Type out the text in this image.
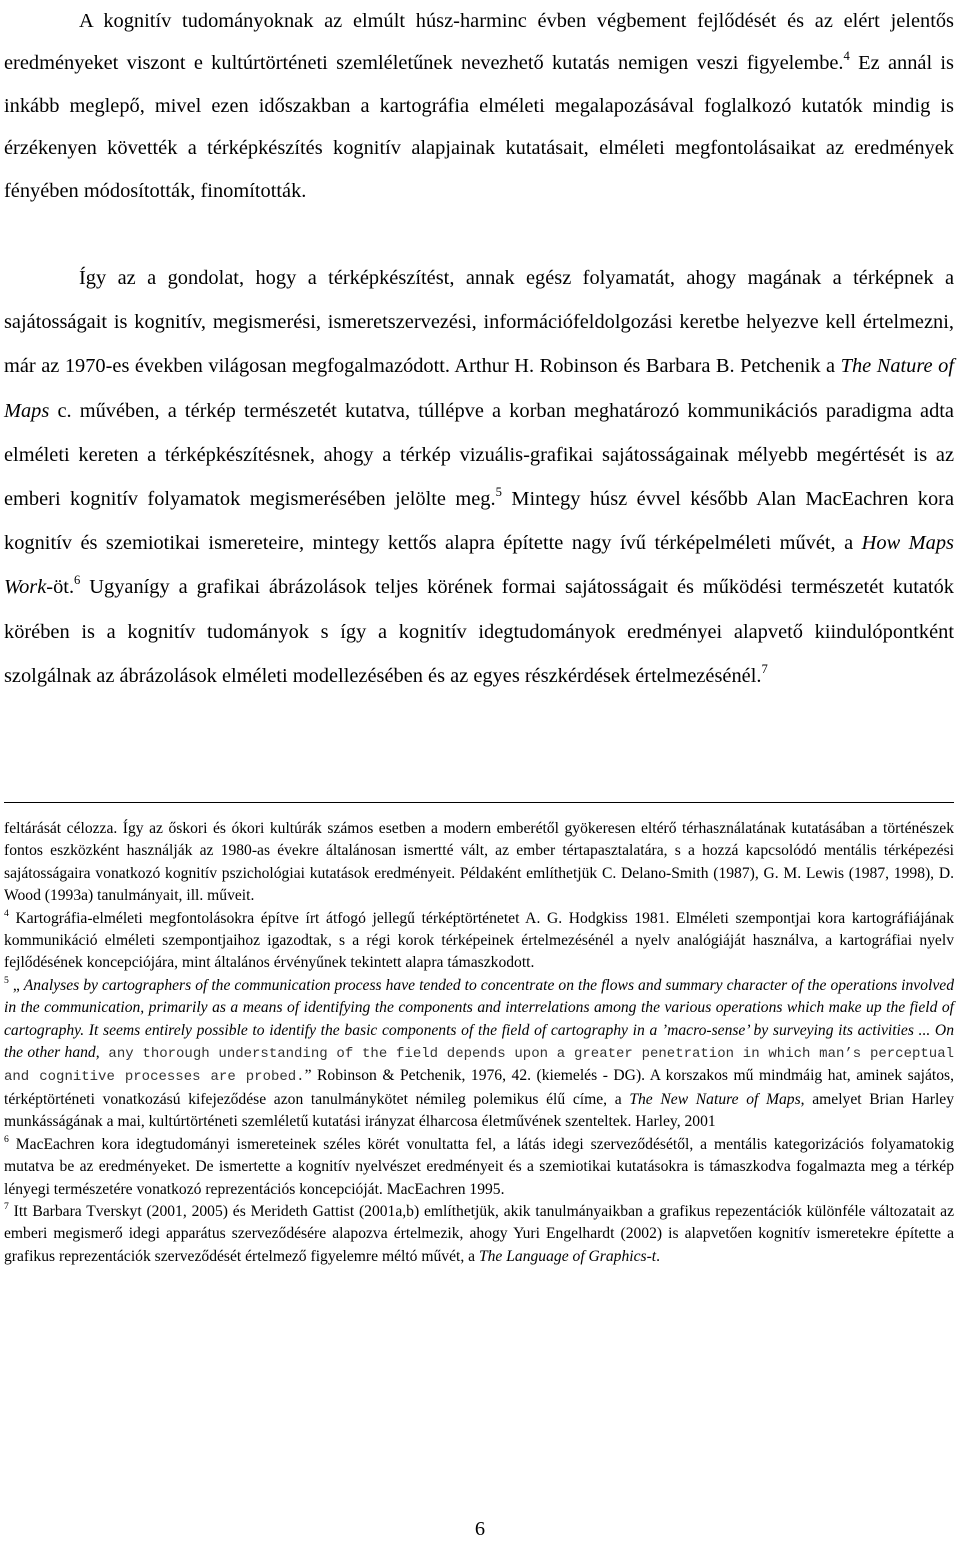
A kognitív tudományoknak az elmúlt húsz-harminc évben végbement fejlődését és az elért jelentős eredményeket viszont e kultúrtörténeti szemléletűnek nevezhető kutatás nemigen veszi figyelembe.$^4$ Ez annál is inkább meglepő, mivel ezen időszakban a kartográfia elméleti megalapozásával foglalkozó kutatók mindig is érzékenyen követték a térképkészítés kognitív alapjainak kutatásait, elméleti megfontolásaikat az eredmények fényében módosították, finomították.

Így az a gondolat, hogy a térképkészítést, annak egész folyamatát, ahogy magának a térképnek a sajátosságait is kognitív, megismerési, ismeretszervezési, információfeldolgozási keretbe helyezve kell értelmezni, már az 1970-es években világosan megfogalmazódott. Arthur H. Robinson és Barbara B. Petchenik a The Nature of Maps c. művében, a térkép természetét kutatva, túllépve a korban meghatározó kommunikációs paradigma adta elméleti kereten a térképkészítésnek, ahogy a térkép vizuális-grafikai sajátosságainak mélyebb megértését is az emberi kognitív folyamatok megismerésében jelölte meg.$^5$ Mintegy húsz évvel később Alan MacEachren kora kognitív és szemiotikai ismereteire, mintegy kettős alapra építette nagy ívű térképelméleti művét, a How Maps Work-öt.$^6$ Ugyanígy a grafikai ábrázolások teljes körének formai sajátosságait és működési természetét kutatók körében is a kognitív tudományok s így a kognitív idegtudományok eredményei alapvető kiindulópontként szolgálnak az ábrázolások elméleti modellezésében és az egyes részkérdések értelmezésénél.$^7$

feltárását célozza. Így az őskori és ókori kultúrák számos esetben a modern emberétől gyökeresen eltérő térhasználatának kutatásában a történészek fontos eszközként használják az 1980-as évekre általánosan ismertté vált, az ember tértapasztalatára, s a hozzá kapcsolódó mentális térképezési sajátosságaira vonatkozó kognitív pszichológiai kutatások eredményeit. Példaként említhetjük C. Delano-Smith (1987), G. M. Lewis (1987, 1998), D. Wood (1993a) tanulmányait, ill. műveit.

$^4$ Kartográfia-elméleti megfontolásokra építve írt átfogó jellegű térképtörténetet A. G. Hodgkiss 1981. Elméleti szempontjai kora kartográfiájának kommunikáció elméleti szempontjaihoz igazodtak, s a régi korok térképeinek értelmezésénél a nyelv analógiáját használva, a kartográfiai nyelv fejlődésének koncepciójára, mint általános érvényűnek tekintett alapra támaszkodott.

$^5$ „ Analyses by cartographers of the communication process have tended to concentrate on the flows and summary character of the operations involved in the communication, primarily as a means of identifying the components and interrelations among the various operations which make up the field of cartography. It seems entirely possible to identify the basic components of the field of cartography in a ’macro-sense’ by surveying its activities ... On the other hand, any thorough understanding of the field depends upon a greater penetration in which man’s perceptual and cognitive processes are probed.” Robinson & Petchenik, 1976, 42. (kiemelés - DG). A korszakos mű mindmáig hat, aminek sajátos, térképtörténeti vonatkozású kifejeződése azon tanulmánykötet némileg polemikus élű címe, a The New Nature of Maps, amelyet Brian Harley munkásságának a mai, kultúrtörténeti szemléletű kutatási irányzat élharcosa életművének szenteltek. Harley, 2001

$^6$ MacEachren kora idegtudományi ismereteinek széles körét vonultatta fel, a látás idegi szerveződésétől, a mentális kategorizációs folyamatokig mutatva be az eredményeket. De ismertette a kognitív nyelvészet eredményeit és a szemiotikai kutatásokra is támaszkodva fogalmazta meg a térkép lényegi természetére vonatkozó reprezentációs koncepcióját. MacEachren 1995.

$^7$ Itt Barbara Tverskyt (2001, 2005) és Merideth Gattist (2001a,b) említhetjük, akik tanulmányaikban a grafikus repezentációk különféle változatait az emberi megismerő idegi apparátus szerveződésére alapozva értelmezik, ahogy Yuri Engelhardt (2002) is alapvetően kognitív ismeretekre építette a grafikus reprezentációk szerveződését értelmező figyelemre méltó művét, a The Language of Graphics-t.

6
